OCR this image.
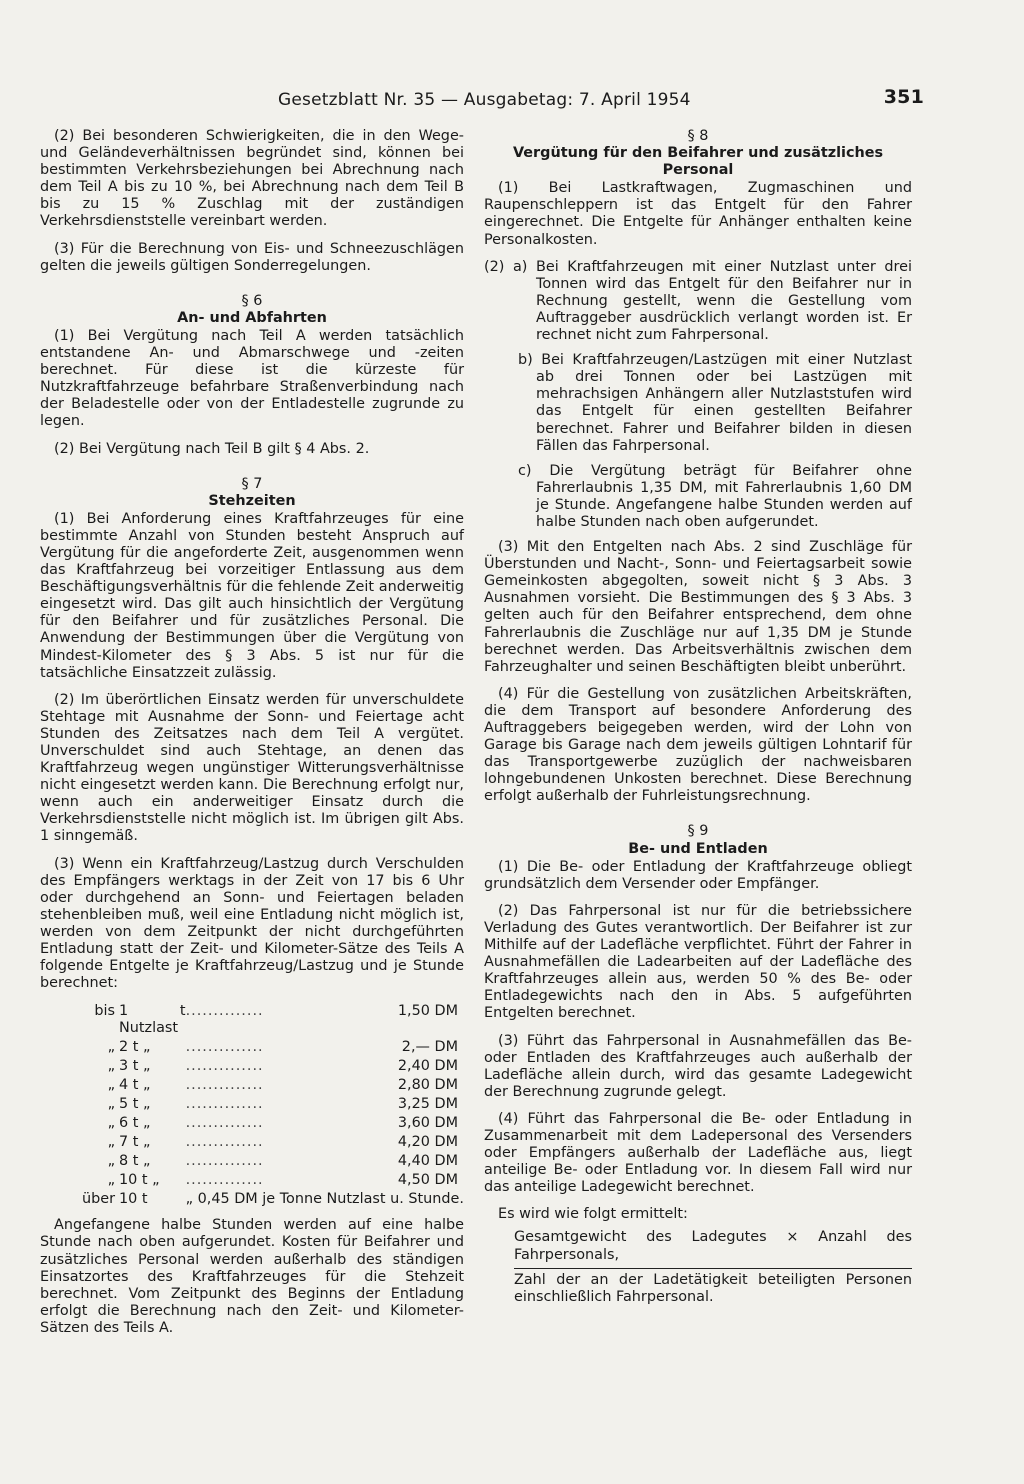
Gesetzblatt Nr. 35 — Ausgabetag: 7. April 1954	351

(2) Bei besonderen Schwierigkeiten, die in den Wege- und Geländeverhältnissen begründet sind, können bei bestimmten Verkehrsbeziehungen bei Abrechnung nach dem Teil A bis zu 10 %, bei Abrechnung nach dem Teil B bis zu 15 % Zuschlag mit der zuständigen Verkehrsdienststelle vereinbart werden.

(3) Für die Berechnung von Eis- und Schneezuschlägen gelten die jeweils gültigen Sonderregelungen.

§ 6
An- und Abfahrten

(1) Bei Vergütung nach Teil A werden tatsächlich entstandene An- und Abmarschwege und -zeiten berechnet. Für diese ist die kürzeste für Nutzkraftfahrzeuge befahrbare Straßenverbindung nach der Beladestelle oder von der Entladestelle zugrunde zu legen.

(2) Bei Vergütung nach Teil B gilt § 4 Abs. 2.

§ 7
Stehzeiten

(1) Bei Anforderung eines Kraftfahrzeuges für eine bestimmte Anzahl von Stunden besteht Anspruch auf Vergütung für die angeforderte Zeit, ausgenommen wenn das Kraftfahrzeug bei vorzeitiger Entlassung aus dem Beschäftigungsverhältnis für die fehlende Zeit anderweitig eingesetzt wird. Das gilt auch hinsichtlich der Vergütung für den Beifahrer und für zusätzliches Personal. Die Anwendung der Bestimmungen über die Vergütung von Mindest-Kilometer des § 3 Abs. 5 ist nur für die tatsächliche Einsatzzeit zulässig.

(2) Im überörtlichen Einsatz werden für unverschuldete Stehtage mit Ausnahme der Sonn- und Feiertage acht Stunden des Zeitsatzes nach dem Teil A vergütet. Unverschuldet sind auch Stehtage, an denen das Kraftfahrzeug wegen ungünstiger Witterungsverhältnisse nicht eingesetzt werden kann. Die Berechnung erfolgt nur, wenn auch ein anderweitiger Einsatz durch die Verkehrsdienststelle nicht möglich ist. Im übrigen gilt Abs. 1 sinngemäß.

(3) Wenn ein Kraftfahrzeug/Lastzug durch Verschulden des Empfängers werktags in der Zeit von 17 bis 6 Uhr oder durchgehend an Sonn- und Feiertagen beladen stehenbleiben muß, weil eine Entladung nicht möglich ist, werden von dem Zeitpunkt der nicht durchgeführten Entladung statt der Zeit- und Kilometer-Sätze des Teils A folgende Entgelte je Kraftfahrzeug/Lastzug und je Stunde berechnet:

bis	1 t Nutzlast	..............	1,50 DM
„	2 t „	..............	2,— DM
„	3 t „	..............	2,40 DM
„	4 t „	..............	2,80 DM
„	5 t „	..............	3,25 DM
„	6 t „	..............	3,60 DM
„	7 t „	..............	4,20 DM
„	8 t „	..............	4,40 DM
„	10 t „	..............	4,50 DM
über	10 t	„ 0,45 DM je Tonne Nutzlast u. Stunde.	

Angefangene halbe Stunden werden auf eine halbe Stunde nach oben aufgerundet. Kosten für Beifahrer und zusätzliches Personal werden außerhalb des ständigen Einsatzortes des Kraftfahrzeuges für die Stehzeit berechnet. Vom Zeitpunkt des Beginns der Entladung erfolgt die Berechnung nach den Zeit- und Kilometer-Sätzen des Teils A.

§ 8
Vergütung für den Beifahrer und zusätzliches Personal

(1) Bei Lastkraftwagen, Zugmaschinen und Raupenschleppern ist das Entgelt für den Fahrer eingerechnet. Die Entgelte für Anhänger enthalten keine Personalkosten.

(2) a) Bei Kraftfahrzeugen mit einer Nutzlast unter drei Tonnen wird das Entgelt für den Beifahrer nur in Rechnung gestellt, wenn die Gestellung vom Auftraggeber ausdrücklich verlangt worden ist. Er rechnet nicht zum Fahrpersonal.
b) Bei Kraftfahrzeugen/Lastzügen mit einer Nutzlast ab drei Tonnen oder bei Lastzügen mit mehrachsigen Anhängern aller Nutzlaststufen wird das Entgelt für einen gestellten Beifahrer berechnet. Fahrer und Beifahrer bilden in diesen Fällen das Fahrpersonal.
c) Die Vergütung beträgt für Beifahrer ohne Fahrerlaubnis 1,35 DM, mit Fahrerlaubnis 1,60 DM je Stunde. Angefangene halbe Stunden werden auf halbe Stunden nach oben aufgerundet.

(3) Mit den Entgelten nach Abs. 2 sind Zuschläge für Überstunden und Nacht-, Sonn- und Feiertagsarbeit sowie Gemeinkosten abgegolten, soweit nicht § 3 Abs. 3 Ausnahmen vorsieht. Die Bestimmungen des § 3 Abs. 3 gelten auch für den Beifahrer entsprechend, dem ohne Fahrerlaubnis die Zuschläge nur auf 1,35 DM je Stunde berechnet werden. Das Arbeitsverhältnis zwischen dem Fahrzeughalter und seinen Beschäftigten bleibt unberührt.

(4) Für die Gestellung von zusätzlichen Arbeitskräften, die dem Transport auf besondere Anforderung des Auftraggebers beigegeben werden, wird der Lohn von Garage bis Garage nach dem jeweils gültigen Lohntarif für das Transportgewerbe zuzüglich der nachweisbaren lohngebundenen Unkosten berechnet. Diese Berechnung erfolgt außerhalb der Fuhrleistungsrechnung.

§ 9
Be- und Entladen

(1) Die Be- oder Entladung der Kraftfahrzeuge obliegt grundsätzlich dem Versender oder Empfänger.

(2) Das Fahrpersonal ist nur für die betriebssichere Verladung des Gutes verantwortlich. Der Beifahrer ist zur Mithilfe auf der Ladefläche verpflichtet. Führt der Fahrer in Ausnahmefällen die Ladearbeiten auf der Ladefläche des Kraftfahrzeuges allein aus, werden 50 % des Be- oder Entladegewichts nach den in Abs. 5 aufgeführten Entgelten berechnet.

(3) Führt das Fahrpersonal in Ausnahmefällen das Be- oder Entladen des Kraftfahrzeuges auch außerhalb der Ladefläche allein durch, wird das gesamte Ladegewicht der Berechnung zugrunde gelegt.

(4) Führt das Fahrpersonal die Be- oder Entladung in Zusammenarbeit mit dem Ladepersonal des Versenders oder Empfängers außerhalb der Ladefläche aus, liegt anteilige Be- oder Entladung vor. In diesem Fall wird nur das anteilige Ladegewicht berechnet.

Es wird wie folgt ermittelt:
Gesamtgewicht des Ladegutes × Anzahl des Fahrpersonals,
Zahl der an der Ladetätigkeit beteiligten Personen einschließlich Fahrpersonal.
